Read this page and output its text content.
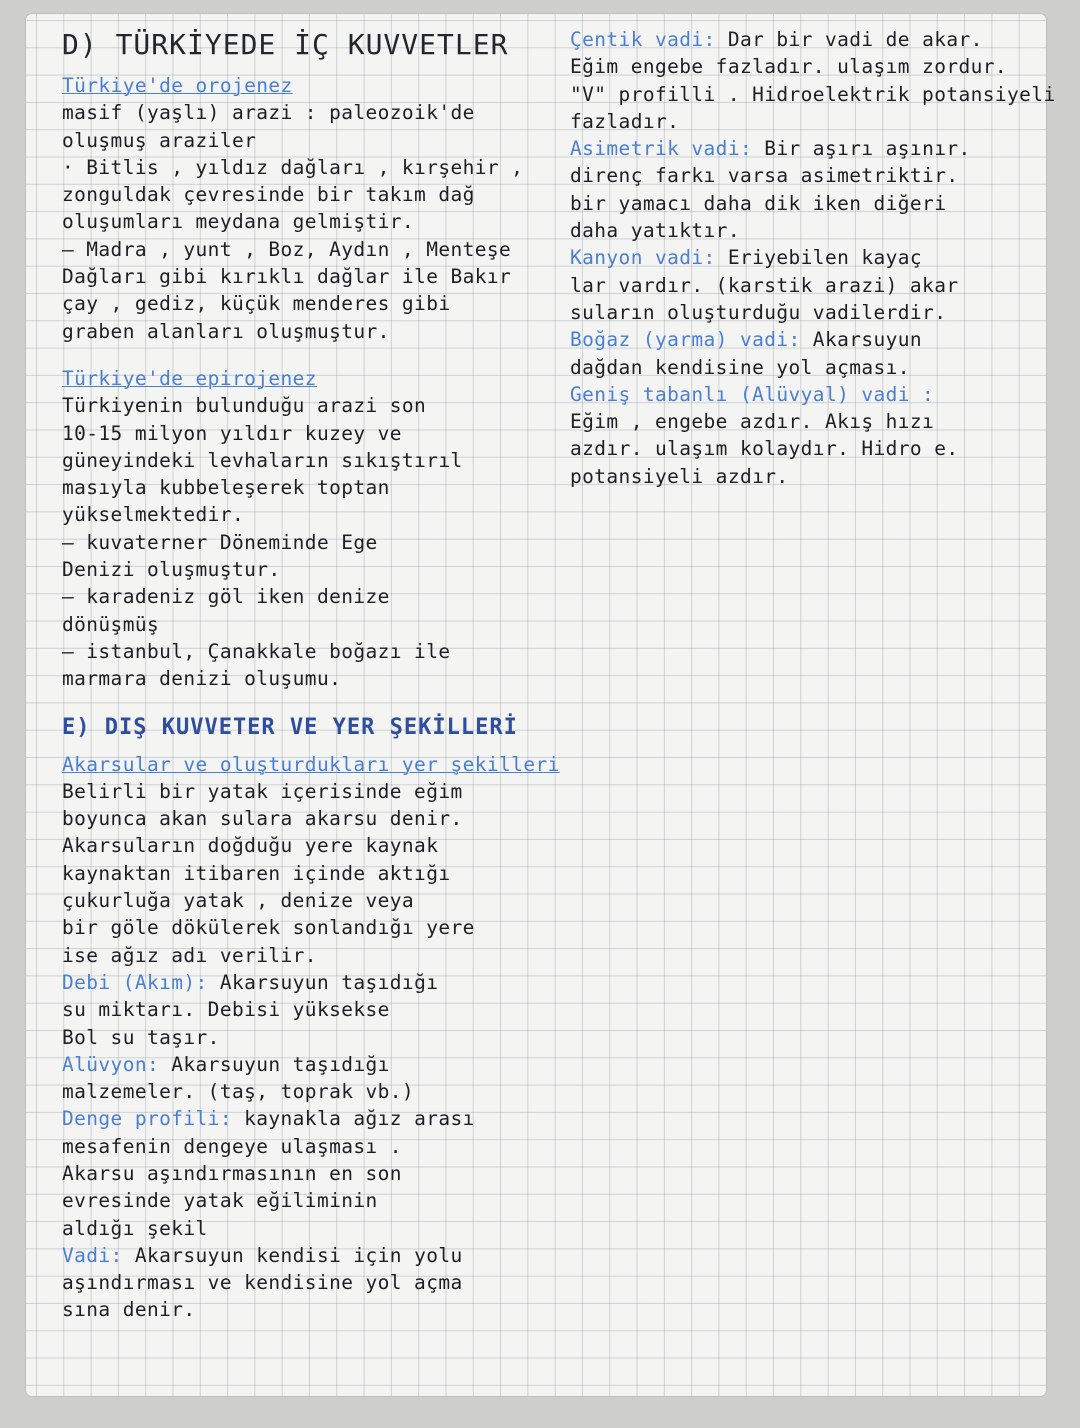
D) TÜRKİYEDE İÇ KUVVETLER
Türkiye'de orojenez
masif (yaşlı) arazi : paleozoik'de
oluşmuş araziler
· Bitlis , yıldız dağları , kırşehir ,
zonguldak çevresinde bir takım dağ
oluşumları meydana gelmiştir.
— Madra , yunt , Boz, Aydın , Menteşe
Dağları gibi kırıklı dağlar ile Bakır
çay , gediz, küçük menderes gibi
graben alanları oluşmuştur.
Türkiye'de epirojenez
Türkiyenin bulunduğu arazi son
10-15 milyon yıldır kuzey ve
güneyindeki levhaların sıkıştırıl
masıyla kubbeleşerek toptan
yükselmektedir.
— kuvaterner Döneminde Ege
Denizi oluşmuştur.
— karadeniz göl iken denize
dönüşmüş
— istanbul, Çanakkale boğazı ile
marmara denizi oluşumu.
E) DIŞ KUVVETER VE YER ŞEKİLLERİ
Akarsular ve oluşturdukları yer şekilleri
Belirli bir yatak içerisinde eğim
boyunca akan sulara akarsu denir.
Akarsuların doğduğu yere kaynak
kaynaktan itibaren içinde aktığı
çukurluğa yatak , denize veya
bir göle dökülerek sonlandığı yere
ise ağız adı verilir.
Debi (Akım): Akarsuyun taşıdığı
su miktarı. Debisi yüksekse
Bol su taşır.
Alüvyon: Akarsuyun taşıdığı
malzemeler. (taş, toprak vb.)
Denge profili: kaynakla ağız arası
mesafenin dengeye ulaşması .
Akarsu aşındırmasının en son
evresinde yatak eğiliminin
aldığı şekil
Vadi: Akarsuyun kendisi için yolu
aşındırması ve kendisine yol açma
sına denir.
Çentik vadi: Dar bir vadi de akar.
Eğim engebe fazladır. ulaşım zordur.
"V" profilli . Hidroelektrik potansiyeli
fazladır.
Asimetrik vadi: Bir aşırı aşınır.
direnç farkı varsa asimetriktir.
bir yamacı daha dik iken diğeri
daha yatıktır.
Kanyon vadi: Eriyebilen kayaç
lar vardır. (karstik arazi) akar
suların oluşturduğu vadilerdir.
Boğaz (yarma) vadi: Akarsuyun
dağdan kendisine yol açması.
Geniş tabanlı (Alüvyal) vadi :
Eğim , engebe azdır. Akış hızı
azdır. ulaşım kolaydır. Hidro e.
potansiyeli azdır.
